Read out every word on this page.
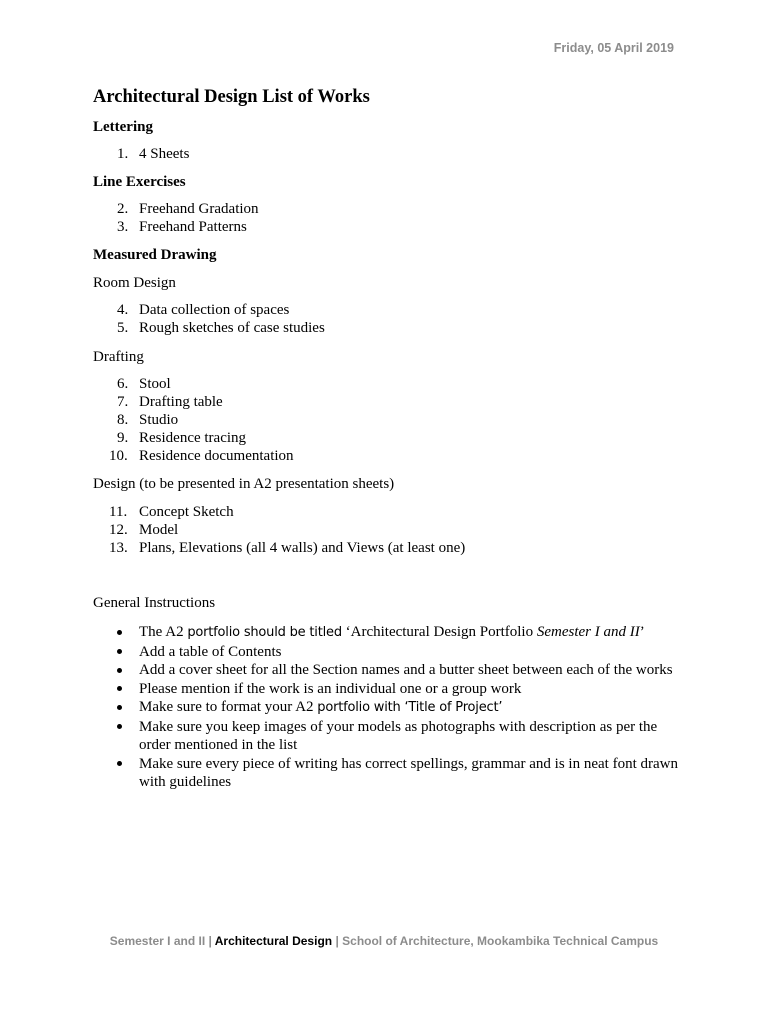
Friday, 05 April 2019
Architectural Design List of Works

Lettering

1. 4 Sheets

Line Exercises

2. Freehand Gradation
3. Freehand Patterns

Measured Drawing

Room Design

4. Data collection of spaces
5. Rough sketches of case studies

Drafting

6. Stool
7. Drafting table
8. Studio
9. Residence tracing
10. Residence documentation

Design (to be presented in A2 presentation sheets)

11. Concept Sketch
12. Model
13. Plans, Elevations (all 4 walls) and Views (at least one)

General Instructions

The A2 portfolio should be titled ‘Architectural Design Portfolio Semester I and II’
Add a table of Contents
Add a cover sheet for all the Section names and a butter sheet between each of the works
Please mention if the work is an individual one or a group work
Make sure to format your A2 portfolio with ‘Title of Project’
Make sure you keep images of your models as photographs with description as per the order mentioned in the list
Make sure every piece of writing has correct spellings, grammar and is in neat font drawn with guidelines
Semester I and II | Architectural Design | School of Architecture, Mookambika Technical Campus
